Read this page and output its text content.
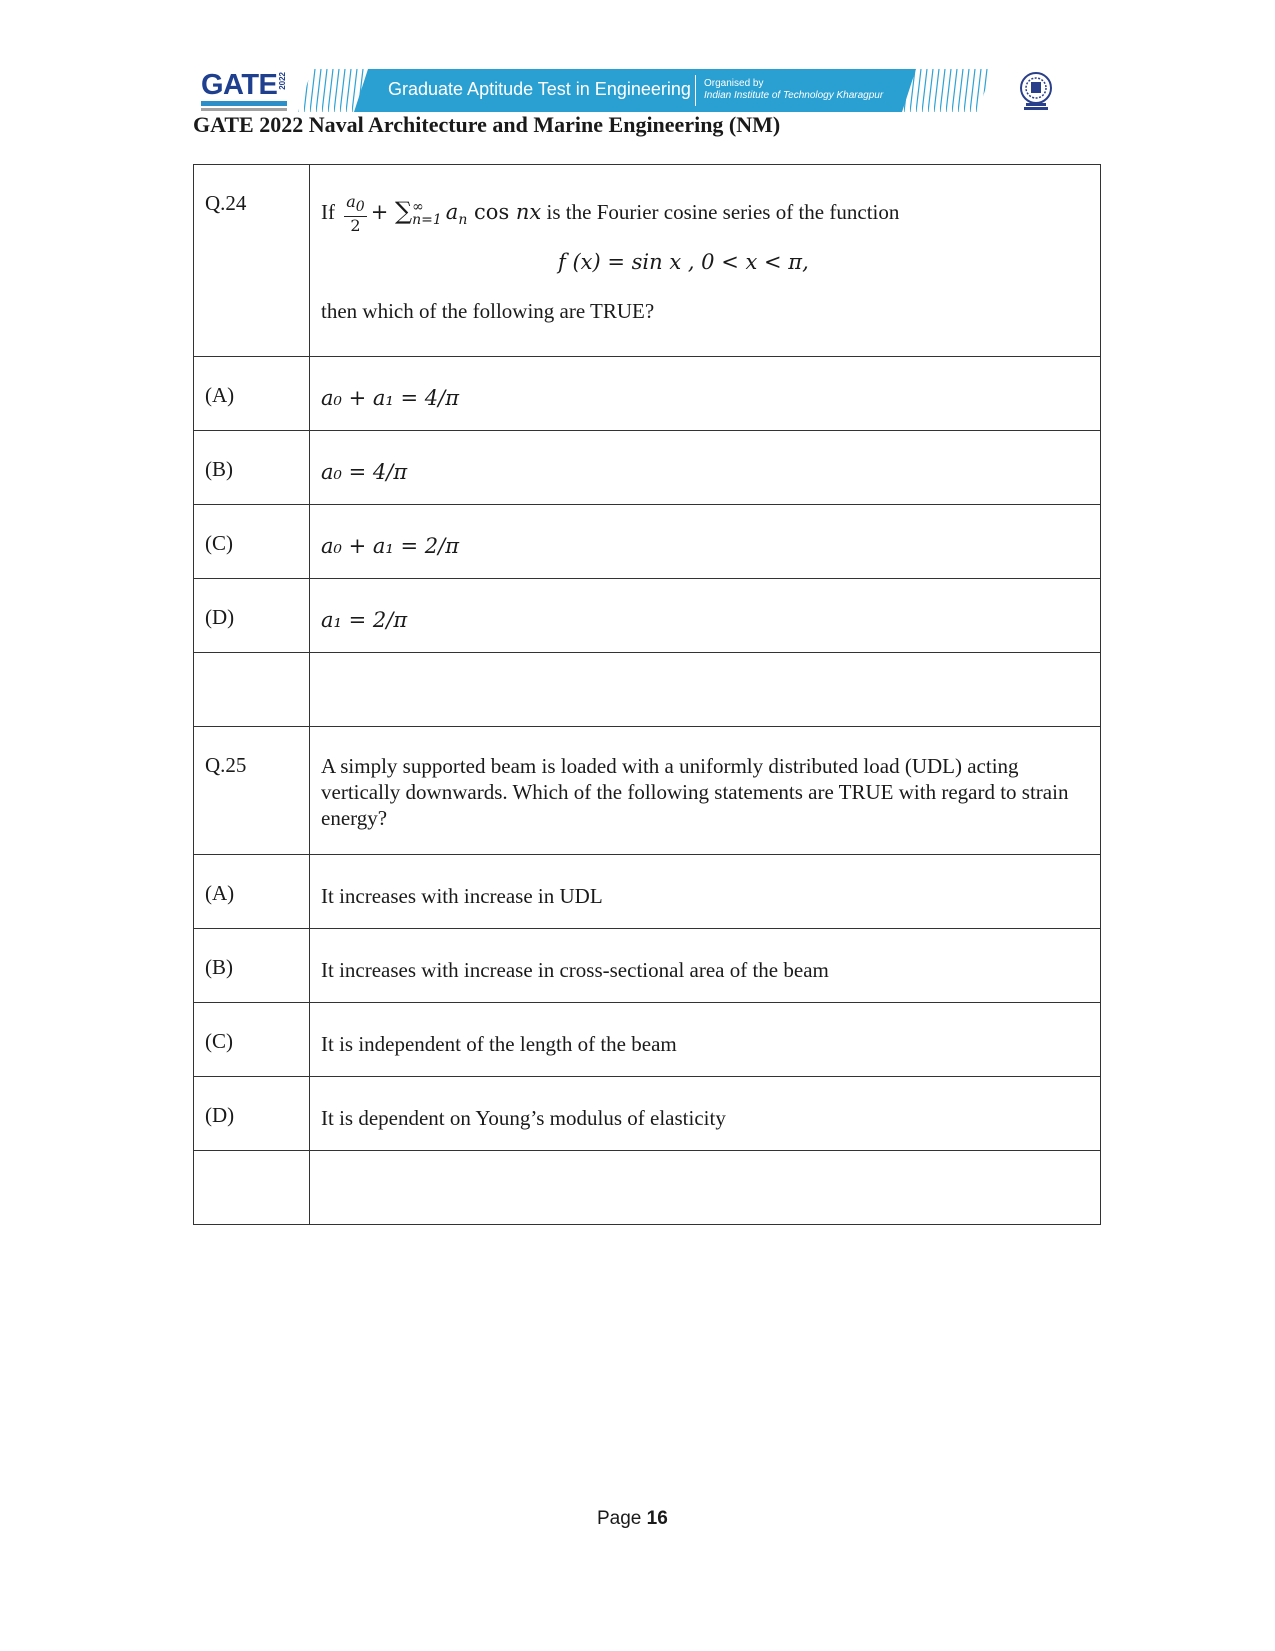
GATE 2022	Graduate Aptitude Test in Engineering Organised by
Indian Institute of Technology Kharagpur
GATE 2022 Naval Architecture and Marine Engineering (NM)
Q.24	If $\frac{a_0}{2}$ + ∑ ∞
n=1 $a_n$ cos nx is the Fourier cosine series of the function
f (x) = sin x , 0 < x < π,
then which of the following are TRUE?
(A)	a₀ + a₁ = 4/π
(B)	a₀ = 4/π
(C)	a₀ + a₁ = 2/π
(D)	a₁ = 2/π
Q.25	A simply supported beam is loaded with a uniformly distributed load (UDL) acting vertically downwards. Which of the following statements are TRUE with regard to strain energy?
(A)	It increases with increase in UDL
(B)	It increases with increase in cross-sectional area of the beam
(C)	It is independent of the length of the beam
(D)	It is dependent on Young’s modulus of elasticity
Page 16
